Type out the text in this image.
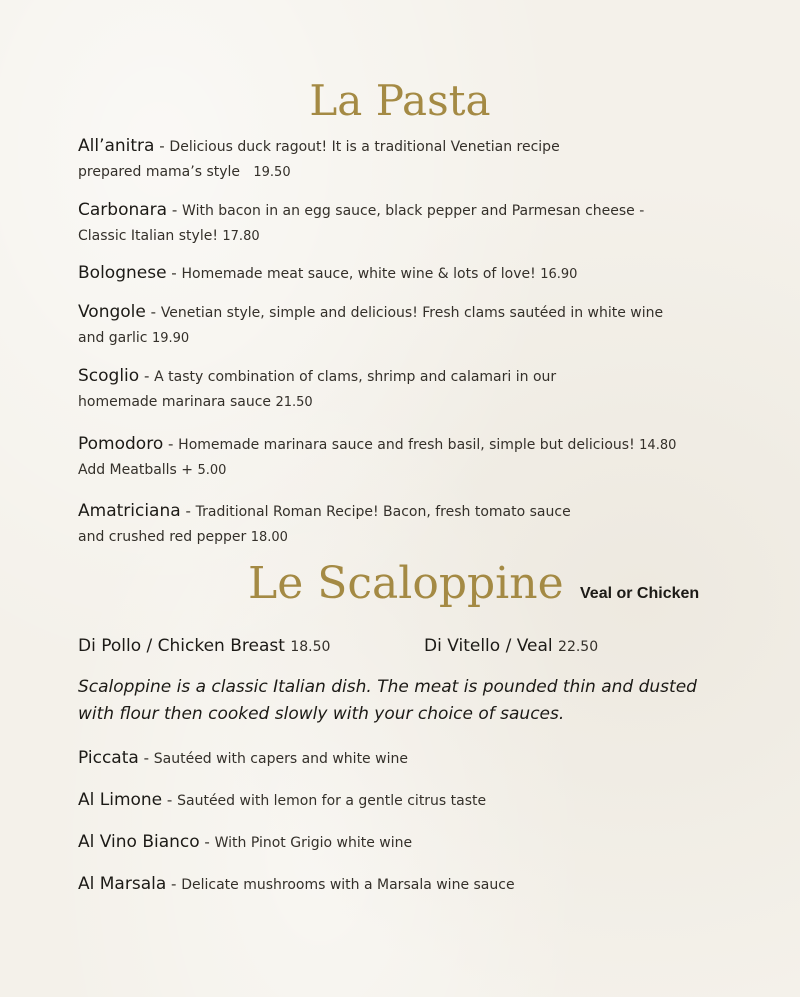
La Pasta
All’anitra - Delicious duck ragout! It is a traditional Venetian recipe
prepared mama’s style 19.50
Carbonara - With bacon in an egg sauce, black pepper and Parmesan cheese -
Classic Italian style! 17.80
Bolognese - Homemade meat sauce, white wine & lots of love! 16.90
Vongole - Venetian style, simple and delicious! Fresh clams sautéed in white wine
and garlic 19.90
Scoglio - A tasty combination of clams, shrimp and calamari in our
homemade marinara sauce 21.50
Pomodoro - Homemade marinara sauce and fresh basil, simple but delicious! 14.80
Add Meatballs + 5.00
Amatriciana - Traditional Roman Recipe! Bacon, fresh tomato sauce
and crushed red pepper 18.00
Le Scaloppine Veal or Chicken
Di Pollo / Chicken Breast 18.50	Di Vitello / Veal 22.50
Scaloppine is a classic Italian dish. The meat is pounded thin and dusted with flour then cooked slowly with your choice of sauces.
Piccata - Sautéed with capers and white wine
Al Limone - Sautéed with lemon for a gentle citrus taste
Al Vino Bianco - With Pinot Grigio white wine
Al Marsala - Delicate mushrooms with a Marsala wine sauce
